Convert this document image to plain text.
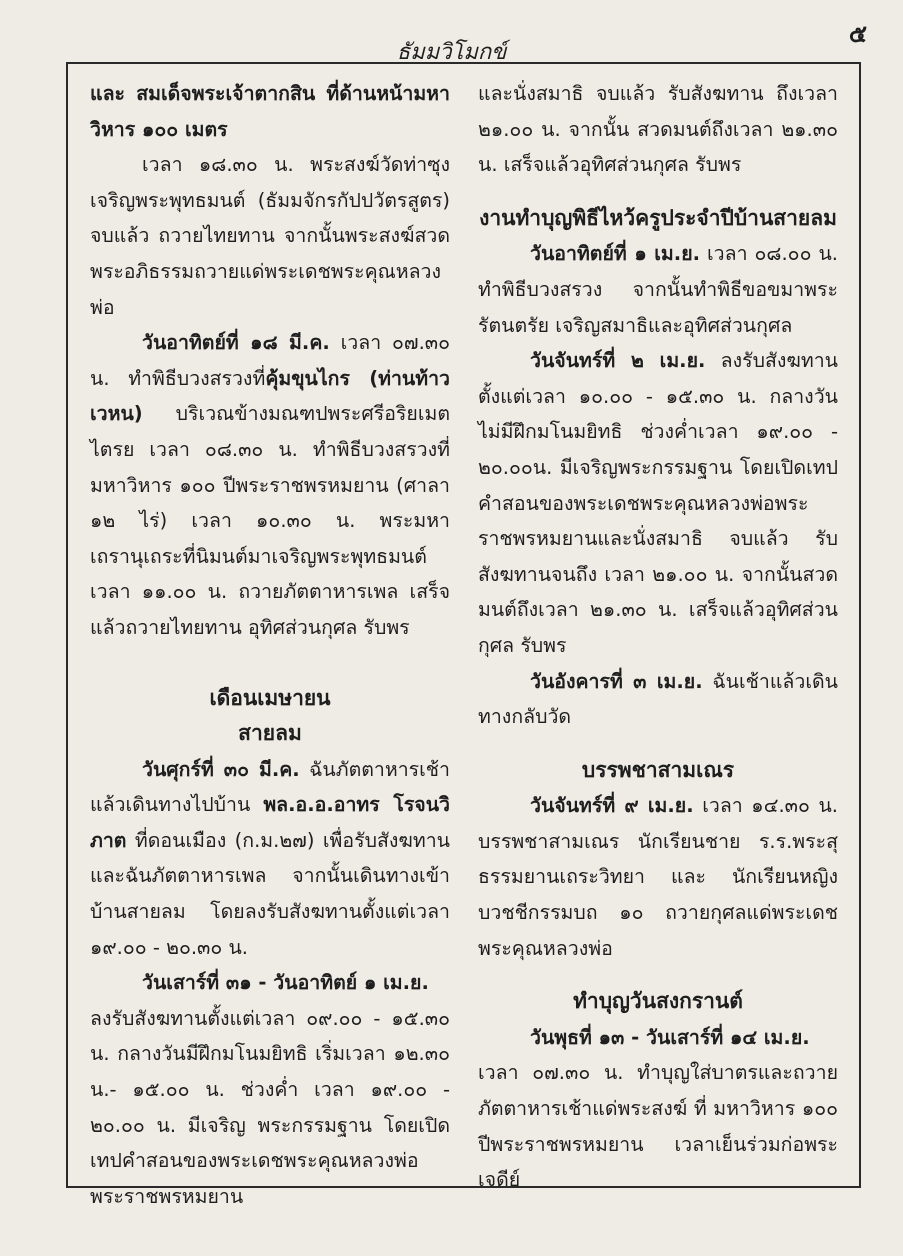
๕
ธัมมวิโมกข์

และ สมเด็จพระเจ้าตากสิน ที่ด้านหน้ามหาวิหาร ๑๐๐ เมตร

เวลา ๑๘.๓๐ น. พระสงฆ์วัดท่าซุง เจริญพระพุทธมนต์ (ธัมมจักรกัปปวัตรสูตร) จบแล้ว ถวายไทยทาน จากนั้นพระสงฆ์สวดพระอภิธรรมถวายแด่พระเดชพระคุณหลวงพ่อ

วันอาทิตย์ที่ ๑๘ มี.ค. เวลา ๐๗.๓๐ น. ทำพิธีบวงสรวงที่คุ้มขุนไกร (ท่านท้าวเวหน) บริเวณข้างมณฑปพระศรีอริยเมตไตรย เวลา ๐๘.๓๐ น. ทำพิธีบวงสรวงที่มหาวิหาร ๑๐๐ ปีพระราชพรหมยาน (ศาลา ๑๒ ไร่) เวลา ๑๐.๓๐ น. พระมหาเถรานุเถระที่นิมนต์มาเจริญพระพุทธมนต์ เวลา ๑๑.๐๐ น. ถวายภัตตาหารเพล เสร็จแล้วถวายไทยทาน อุทิศส่วนกุศล รับพร

เดือนเมษายน

สายลม

วันศุกร์ที่ ๓๐ มี.ค. ฉันภัตตาหารเช้าแล้วเดินทางไปบ้าน พล.อ.อ.อาทร โรจนวิภาต ที่ดอนเมือง (ก.ม.๒๗) เพื่อรับสังฆทานและฉันภัตตาหารเพล จากนั้นเดินทางเข้าบ้านสายลม โดยลงรับสังฆทานตั้งแต่เวลา ๑๙.๐๐ - ๒๐.๓๐ น.

วันเสาร์ที่ ๓๑ - วันอาทิตย์ ๑ เม.ย.

ลงรับสังฆทานตั้งแต่เวลา ๐๙.๐๐ - ๑๕.๓๐ น. กลางวันมีฝึกมโนมยิทธิ เริ่มเวลา ๑๒.๓๐ น.- ๑๕.๐๐ น. ช่วงค่ำ เวลา ๑๙.๐๐ - ๒๐.๐๐ น. มีเจริญ พระกรรมฐาน โดยเปิดเทปคำสอนของพระเดชพระคุณหลวงพ่อพระราชพรหมยาน

และนั่งสมาธิ จบแล้ว รับสังฆทาน ถึงเวลา ๒๑.๐๐ น. จากนั้น สวดมนต์ถึงเวลา ๒๑.๓๐ น. เสร็จแล้วอุทิศส่วนกุศล รับพร

งานทำบุญพิธีไหว้ครูประจำปีบ้านสายลม

วันอาทิตย์ที่ ๑ เม.ย. เวลา ๐๘.๐๐ น. ทำพิธีบวงสรวง จากนั้นทำพิธีขอขมาพระรัตนตรัย เจริญสมาธิและอุทิศส่วนกุศล

วันจันทร์ที่ ๒ เม.ย. ลงรับสังฆทานตั้งแต่เวลา ๑๐.๐๐ - ๑๕.๓๐ น. กลางวันไม่มีฝึกมโนมยิทธิ ช่วงค่ำเวลา ๑๙.๐๐ - ๒๐.๐๐น. มีเจริญพระกรรมฐาน โดยเปิดเทปคำสอนของพระเดชพระคุณหลวงพ่อพระราชพรหมยานและนั่งสมาธิ จบแล้ว รับสังฆทานจนถึง เวลา ๒๑.๐๐ น. จากนั้นสวดมนต์ถึงเวลา ๒๑.๓๐ น. เสร็จแล้วอุทิศส่วนกุศล รับพร

วันอังคารที่ ๓ เม.ย. ฉันเช้าแล้วเดินทางกลับวัด

บรรพชาสามเณร

วันจันทร์ที่ ๙ เม.ย. เวลา ๑๔.๓๐ น. บรรพชาสามเณร นักเรียนชาย ร.ร.พระสุธรรมยานเถระวิทยา และ นักเรียนหญิงบวชชีกรรมบถ ๑๐ ถวายกุศลแด่พระเดชพระคุณหลวงพ่อ

ทำบุญวันสงกรานต์

วันพุธที่ ๑๓ - วันเสาร์ที่ ๑๔ เม.ย.

เวลา ๐๗.๓๐ น. ทำบุญใส่บาตรและถวายภัตตาหารเช้าแด่พระสงฆ์ ที่ มหาวิหาร ๑๐๐ ปีพระราชพรหมยาน เวลาเย็นร่วมก่อพระเจดีย์
